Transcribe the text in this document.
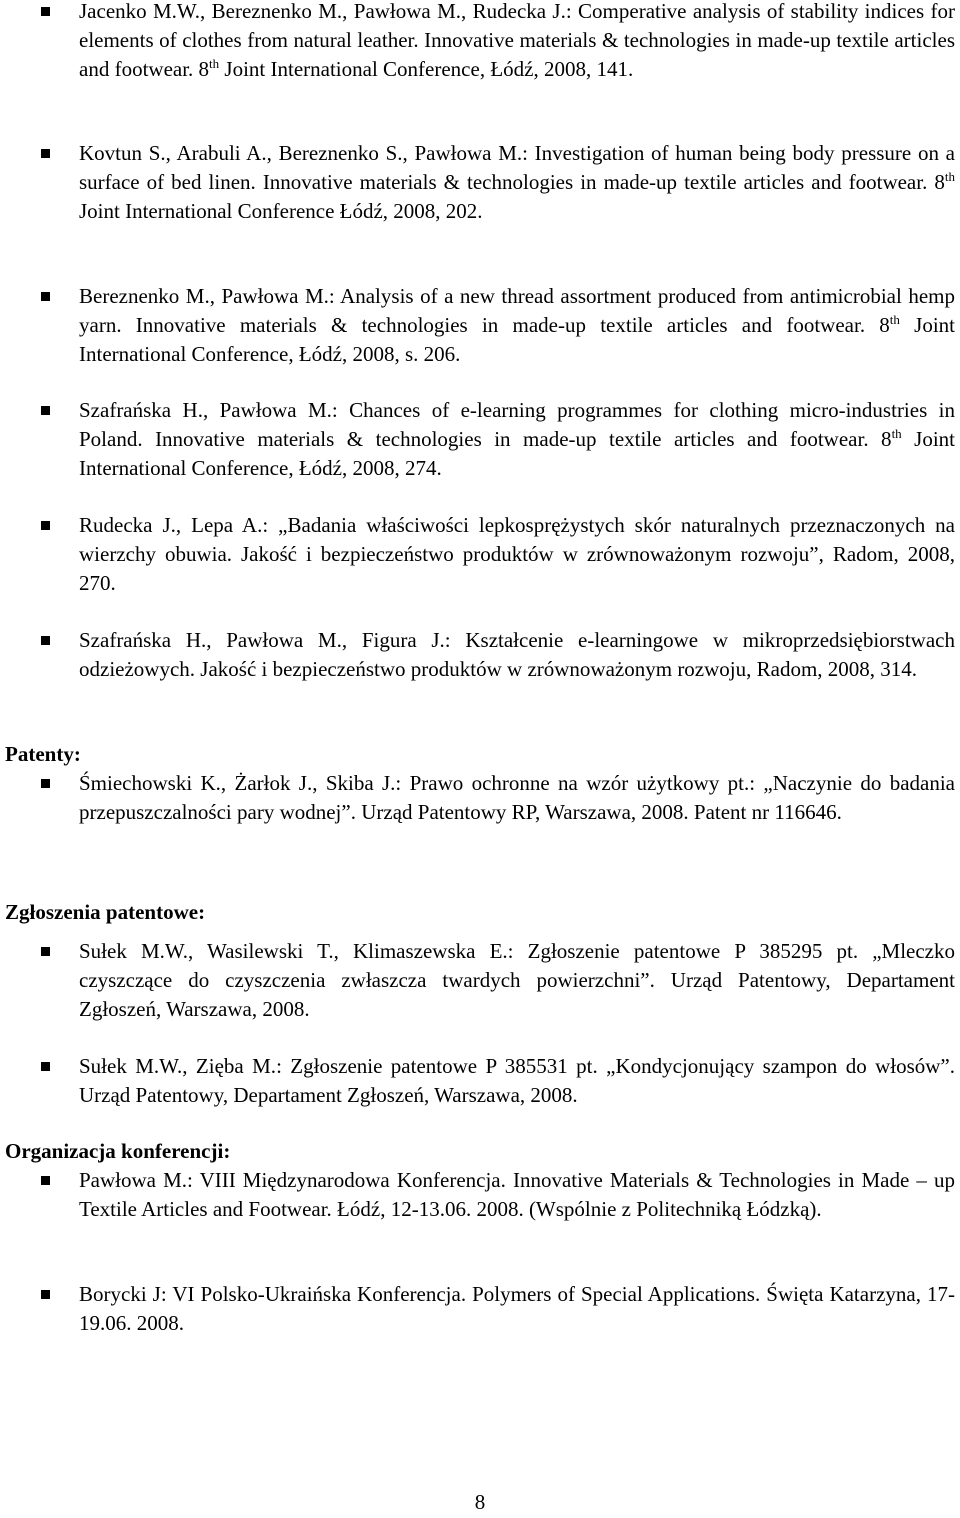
Jacenko M.W., Bereznenko M., Pawłowa M., Rudecka J.: Comperative analysis of stability indices for elements of clothes from natural leather. Innovative materials & technologies in made-up textile articles and footwear. 8th Joint International Conference, Łódź, 2008, 141.
Kovtun S., Arabuli A., Bereznenko S., Pawłowa M.: Investigation of human being body pressure on a surface of bed linen. Innovative materials & technologies in made-up textile articles and footwear. 8th Joint International Conference Łódź, 2008, 202.
Bereznenko M., Pawłowa M.: Analysis of a new thread assortment produced from antimicrobial hemp yarn. Innovative materials & technologies in made-up textile articles and footwear. 8th Joint International Conference, Łódź, 2008, s. 206.
Szafrańska H., Pawłowa M.: Chances of e-learning programmes for clothing micro-industries in Poland. Innovative materials & technologies in made-up textile articles and footwear. 8th Joint International Conference, Łódź, 2008, 274.
Rudecka J., Lepa A.: „Badania właściwości lepkosprężystych skór naturalnych przeznaczonych na wierzchy obuwia. Jakość i bezpieczeństwo produktów w zrównoważonym rozwoju”, Radom, 2008, 270.
Szafrańska H., Pawłowa M., Figura J.: Kształcenie e-learningowe w mikroprzedsiębiorstwach odzieżowych. Jakość i bezpieczeństwo produktów w zrównoważonym rozwoju, Radom, 2008, 314.
Patenty:
Śmiechowski K., Żarłok J., Skiba J.: Prawo ochronne na wzór użytkowy pt.: „Naczynie do badania przepuszczalności pary wodnej”. Urząd Patentowy RP, Warszawa, 2008. Patent nr 116646.
Zgłoszenia patentowe:
Sułek M.W., Wasilewski T., Klimaszewska E.: Zgłoszenie patentowe P 385295 pt. „Mleczko czyszczące do czyszczenia zwłaszcza twardych powierzchni”. Urząd Patentowy, Departament Zgłoszeń, Warszawa, 2008.
Sułek M.W., Zięba M.: Zgłoszenie patentowe P 385531 pt. „Kondycjonujący szampon do włosów”. Urząd Patentowy, Departament Zgłoszeń, Warszawa, 2008.
Organizacja konferencji:
Pawłowa M.: VIII Międzynarodowa Konferencja. Innovative Materials & Technologies in Made – up Textile Articles and Footwear. Łódź, 12-13.06. 2008. (Wspólnie z Politechniką Łódzką).
Borycki J: VI Polsko-Ukraińska Konferencja. Polymers of Special Applications. Święta Katarzyna, 17-19.06. 2008.
8
